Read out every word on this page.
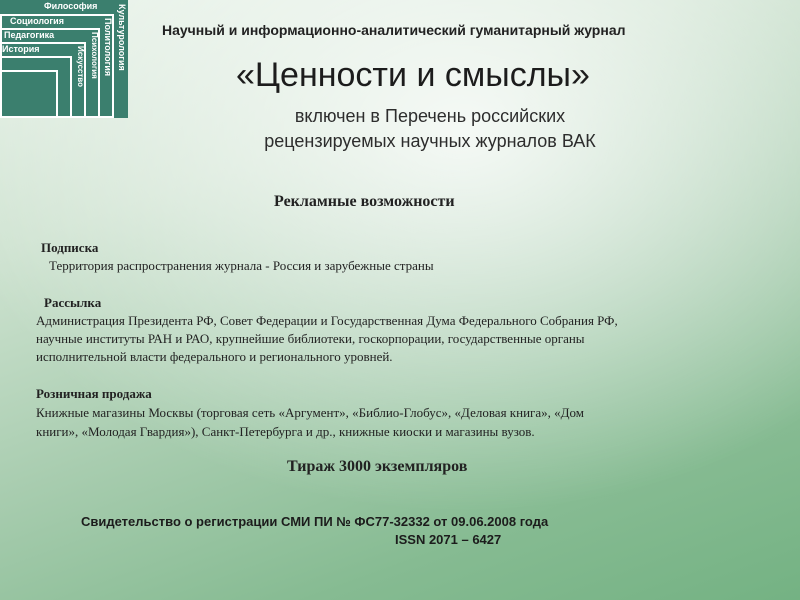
Философия
Социология
Педагогика
История	Культурология
Политология
Психология
Искусство
Научный и информационно-аналитический гуманитарный журнал
«Ценности и смыслы»
включен в Перечень российских
рецензируемых научных журналов ВАК
Рекламные возможности
Подписка
Территория распространения журнала - Россия и зарубежные страны
Рассылка
Администрация Президента РФ, Совет Федерации и Государственная Дума Федерального Собрания РФ,
научные институты РАН и РАО, крупнейшие библиотеки, госкорпорации, государственные органы
исполнительной власти федерального и регионального уровней.
Розничная продажа
Книжные магазины Москвы (торговая сеть «Аргумент», «Библио-Глобус», «Деловая книга», «Дом
книги», «Молодая Гвардия»), Санкт-Петербурга и др., книжные киоски и магазины вузов.
Тираж 3000 экземпляров
Свидетельство о регистрации СМИ ПИ № ФС77-32332 от 09.06.2008 года
ISSN 2071 – 6427
